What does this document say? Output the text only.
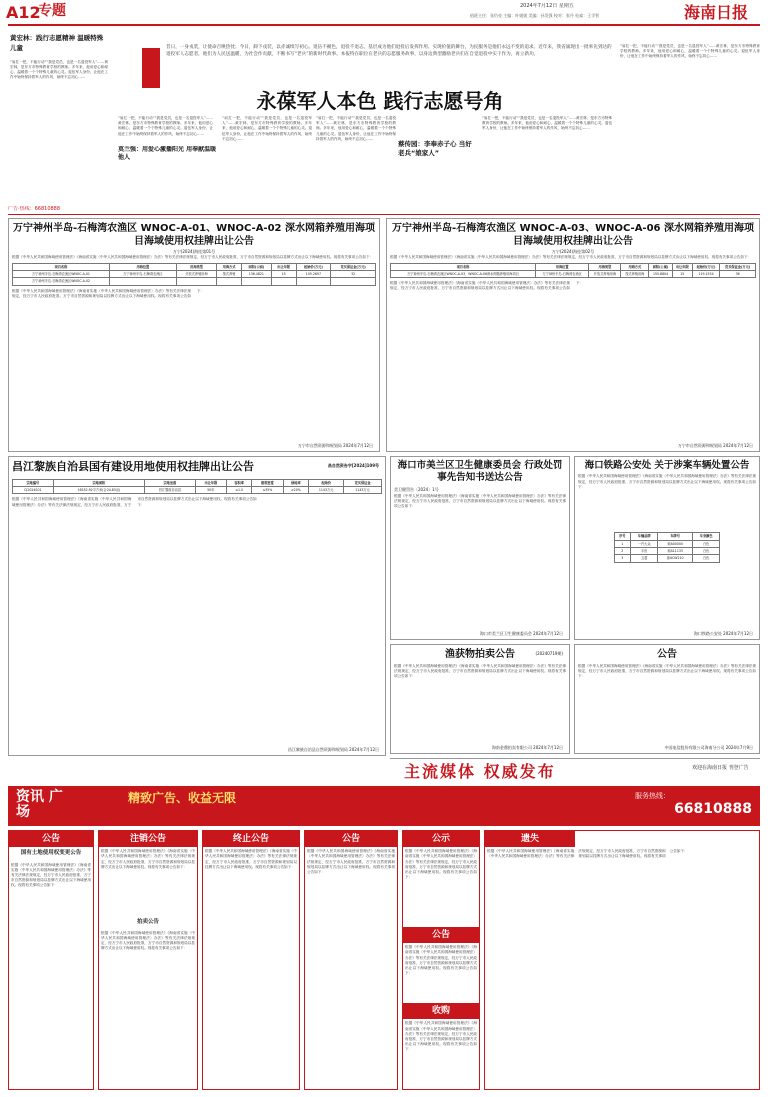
A12
专题	2024年7月12日 星期五
值班主任：张仍亮 主编：叶媛媛 美编：孙发强 校对：张丹 检索：王学智	海南日报
黄宏林：践行志愿精神 温暖特殊儿童
“肩扛一把，不能行动”“我是党员，也是一名退役军人”……黄宏林，是东方市特殊教育学校的教师。多年来，他用爱心和耐心，温暖着一个个特殊儿童的心灵。退伍军人身份，让他在工作中始终保持着军人的作风，始终不忘初心……
昔日，一身戎装，让使命召唤热忱；今日，卸下戎装，以赤诚续写初心。退伍不褪色，退役不退志，基层成为他们退役后发挥作用、实现价值的舞台，为民服务是他们永远不变的追求。近年来，我省涌现出一批率先到达的退役军人志愿者，他们为人民送温暖，为社会作贡献，不断书写“老兵”的新时代故事。本报特在职位在老兵的志愿服务故事，以身边典型激励老兵们在自觉退役中实干作为，再立新功。
永葆军人本色 践行志愿号角
莫兰强：用爱心激播阳光 用奉献温暖他人
蔡传园：李奉赤子心 当好老兵“娘家人”
“肩扛一把，不能行动”“我是党员，也是一名退役军人”……黄宏林，是东方市特殊教育学校的教师。多年来，他用爱心和耐心，温暖着一个个特殊儿童的心灵。退伍军人身份，让他在工作中始终保持着军人的作风，始终不忘初心……
“肩扛一把，不能行动”“我是党员，也是一名退役军人”……黄宏林，是东方市特殊教育学校的教师。多年来，他用爱心和耐心，温暖着一个个特殊儿童的心灵。退伍军人身份，让他在工作中始终保持着军人的作风，始终不忘初心……
“肩扛一把，不能行动”“我是党员，也是一名退役军人”……黄宏林，是东方市特殊教育学校的教师。多年来，他用爱心和耐心，温暖着一个个特殊儿童的心灵。退伍军人身份，让他在工作中始终保持着军人的作风，始终不忘初心……
“肩扛一把，不能行动”“我是党员，也是一名退役军人”……黄宏林，是东方市特殊教育学校的教师。多年来，他用爱心和耐心，温暖着一个个特殊儿童的心灵。退伍军人身份，让他在工作中始终保持着军人的作风，始终不忘初心……
“肩扛一把，不能行动”“我是党员，也是一名退役军人”……黄宏林，是东方市特殊教育学校的教师。多年来，他用爱心和耐心，温暖着一个个特殊儿童的心灵。退伍军人身份，让他在工作中始终保持着军人的作风，始终不忘初心……
广告·热线：66810888
万宁神州半岛-石梅湾农渔区 WNOC-A-01、WNOC-A-02 深水网箱养殖用海项目海域使用权挂牌出让公告
万宁(2024)海挂第01号
根据《中华人民共和国海域使用管理法》《海南省实施〈中华人民共和国海域使用管理法〉办法》等有关法律法规规定，经万宁市人民政府批准，万宁市自然资源和规划局以挂牌方式出让以下海域使用权。现将有关事项公告如下：
项目名称	用海位置	用海类型	用海方式	面积(公顷)	出让年限	起始价(万元)	竞买保证金(万元)
万宁神州半岛-石梅湾农渔区WNOC-A-01	万宁神州半岛-石梅湾农渔区	开放式养殖用海	筏式养殖	136.4821	15	105.2697	32
万宁神州半岛-石梅湾农渔区WNOC-A-02							
根据《中华人民共和国海域使用管理法》《海南省实施〈中华人民共和国海域使用管理法〉办法》等有关法律法规规定，经万宁市人民政府批准，万宁市自然资源和规划局以挂牌方式出让以下海域使用权。现将有关事项公告如下：
万宁市自然资源和规划局 2024年7月12日
万宁神州半岛-石梅湾农渔区 WNOC-A-03、WNOC-A-06 深水网箱养殖用海项目海域使用权挂牌出让公告
万宁(2024)海挂第02号
根据《中华人民共和国海域使用管理法》《海南省实施〈中华人民共和国海域使用管理法〉办法》等有关法律法规规定，经万宁市人民政府批准，万宁市自然资源和规划局以挂牌方式出让以下海域使用权。现将有关事项公告如下：
项目名称	用海位置	用海类型	用海方式	面积(公顷)	出让年限	起始价(万元)	竞买保证金(万元)
万宁神州半岛-石梅湾农渔区WNOC-A-03、WNOC-A-06深水网箱养殖用海项目	万宁神州半岛-石梅湾农渔区	开放式养殖用海	筏式养殖用海	155.8804	15	119.1534	36
根据《中华人民共和国海域使用管理法》《海南省实施〈中华人民共和国海域使用管理法〉办法》等有关法律法规规定，经万宁市人民政府批准，万宁市自然资源和规划局以挂牌方式出让以下海域使用权。现将有关事项公告如下：
万宁市自然资源和规划局 2024年7月12日
昌江黎族自治县国有建设用地使用权挂牌出让公告	昌自然资告字[2024]109号
宗地编号	宗地面积	宗地坐落	出让年限	容积率	建筑密度	绿地率	起始价	竞买保证金
CJ2024S01	16552.92平方米(合24.83亩)	昌江黎族自治县	50年	≤1.0	≤35%	≥20%	1143万元	1143万元
根据《中华人民共和国海域使用管理法》《海南省实施〈中华人民共和国海域使用管理法〉办法》等有关法律法规规定，经万宁市人民政府批准，万宁市自然资源和规划局以挂牌方式出让以下海域使用权。现将有关事项公告如下：
昌江黎族自治县自然资源和规划局 2024年7月12日
海口市美兰区卫生健康委员会 行政处罚事先告知书送达公告
美卫健罚告〔2024〕1号
根据《中华人民共和国海域使用管理法》《海南省实施〈中华人民共和国海域使用管理法〉办法》等有关法律法规规定，经万宁市人民政府批准，万宁市自然资源和规划局以挂牌方式出让以下海域使用权。现将有关事项公告如下：
海口市美兰区卫生健康委员会 2024年7月12日
海口铁路公安处 关于涉案车辆处置公告
根据《中华人民共和国海域使用管理法》《海南省实施〈中华人民共和国海域使用管理法〉办法》等有关法律法规规定，经万宁市人民政府批准，万宁市自然资源和规划局以挂牌方式出让以下海域使用权。现将有关事项公告如下：
序号	车辆品牌	车牌号	车身颜色
1	一汽大众	琼A00000	白色
2	丰田	琼A11133	白色
3	五菱	琼ACW210	白色
海口铁路公安处 2024年7月12日
渔获物拍卖公告	(20240719期)
根据《中华人民共和国海域使用管理法》《海南省实施〈中华人民共和国海域使用管理法〉办法》等有关法律法规规定，经万宁市人民政府批准，万宁市自然资源和规划局以挂牌方式出让以下海域使用权。现将有关事项公告如下：
海南金鼎拍卖有限公司 2024年7月12日
公告
根据《中华人民共和国海域使用管理法》《海南省实施〈中华人民共和国海域使用管理法〉办法》等有关法律法规规定，经万宁市人民政府批准，万宁市自然资源和规划局以挂牌方式出让以下海域使用权。现将有关事项公告如下：
中国电信股份有限公司海南分公司 2024年7月9日
主流媒体 权威发布	欢迎在海南日报 刊登广告
资讯 广场
精致广告、收益无限	服务热线：
66810888
公告
国有土地使用权变更公告
根据《中华人民共和国海域使用管理法》《海南省实施〈中华人民共和国海域使用管理法〉办法》等有关法律法规规定，经万宁市人民政府批准，万宁市自然资源和规划局以挂牌方式出让以下海域使用权。现将有关事项公告如下：
注销公告
根据《中华人民共和国海域使用管理法》《海南省实施〈中华人民共和国海域使用管理法〉办法》等有关法律法规规定，经万宁市人民政府批准，万宁市自然资源和规划局以挂牌方式出让以下海域使用权。现将有关事项公告如下：
拍卖公告
根据《中华人民共和国海域使用管理法》《海南省实施〈中华人民共和国海域使用管理法〉办法》等有关法律法规规定，经万宁市人民政府批准，万宁市自然资源和规划局以挂牌方式出让以下海域使用权。现将有关事项公告如下：
终止公告
根据《中华人民共和国海域使用管理法》《海南省实施〈中华人民共和国海域使用管理法〉办法》等有关法律法规规定，经万宁市人民政府批准，万宁市自然资源和规划局以挂牌方式出让以下海域使用权。现将有关事项公告如下：
公告
根据《中华人民共和国海域使用管理法》《海南省实施〈中华人民共和国海域使用管理法〉办法》等有关法律法规规定，经万宁市人民政府批准，万宁市自然资源和规划局以挂牌方式出让以下海域使用权。现将有关事项公告如下：
公示
根据《中华人民共和国海域使用管理法》《海南省实施〈中华人民共和国海域使用管理法〉办法》等有关法律法规规定，经万宁市人民政府批准，万宁市自然资源和规划局以挂牌方式出让以下海域使用权。现将有关事项公告如下：
公告
根据《中华人民共和国海域使用管理法》《海南省实施〈中华人民共和国海域使用管理法〉办法》等有关法律法规规定，经万宁市人民政府批准，万宁市自然资源和规划局以挂牌方式出让以下海域使用权。现将有关事项公告如下：
收购
根据《中华人民共和国海域使用管理法》《海南省实施〈中华人民共和国海域使用管理法〉办法》等有关法律法规规定，经万宁市人民政府批准，万宁市自然资源和规划局以挂牌方式出让以下海域使用权。现将有关事项公告如下：
遗失
根据《中华人民共和国海域使用管理法》《海南省实施〈中华人民共和国海域使用管理法〉办法》等有关法律法规规定，经万宁市人民政府批准，万宁市自然资源和规划局以挂牌方式出让以下海域使用权。现将有关事项公告如下：
